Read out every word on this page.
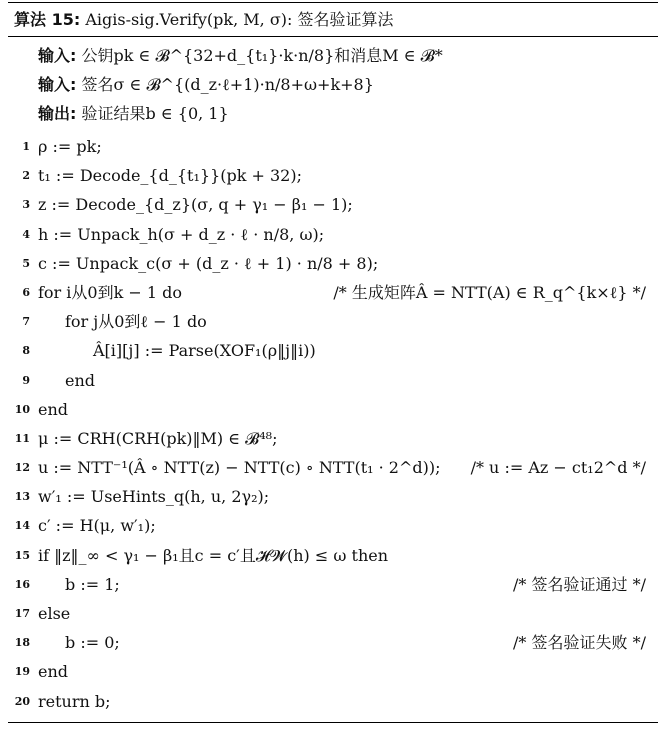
算法 15: Aigis-sig.Verify(pk, M, σ): 签名验证算法
输入: 公钥pk ∈ 𝓑^{32+d_{t₁}·k·n/8}和消息M ∈ 𝓑*
输入: 签名σ ∈ 𝓑^{(d_z·ℓ+1)·n/8+ω+k+8}
输出: 验证结果b ∈ {0, 1}
1 ρ := pk;
2 t₁ := Decode_{d_{t₁}}(pk + 32);
3 z := Decode_{d_z}(σ, q + γ₁ − β₁ − 1);
4 h := Unpack_h(σ + d_z · ℓ · n/8, ω);
5 c := Unpack_c(σ + (d_z · ℓ + 1) · n/8 + 8);
6 for i从0到k − 1 do	/* 生成矩阵Â = NTT(A) ∈ R_q^{k×ℓ} */
7 for j从0到ℓ − 1 do
8	Â[i][j] := Parse(XOF₁(ρ‖j‖i))
9 end
10 end
11 μ := CRH(CRH(pk)‖M) ∈ 𝓑⁴⁸;
12 u := NTT⁻¹(Â ∘ NTT(z) − NTT(c) ∘ NTT(t₁ · 2^d)); /* u := Az − ct₁2^d */
13 w′₁ := UseHints_q(h, u, 2γ₂);
14 c′ := H(μ, w′₁);
15 if ‖z‖_∞ < γ₁ − β₁且c = c′且𝓗𝓦(h) ≤ ω then
16 b := 1;	/* 签名验证通过 */
17 else
18 b := 0;	/* 签名验证失败 */
19 end
20 return b;
